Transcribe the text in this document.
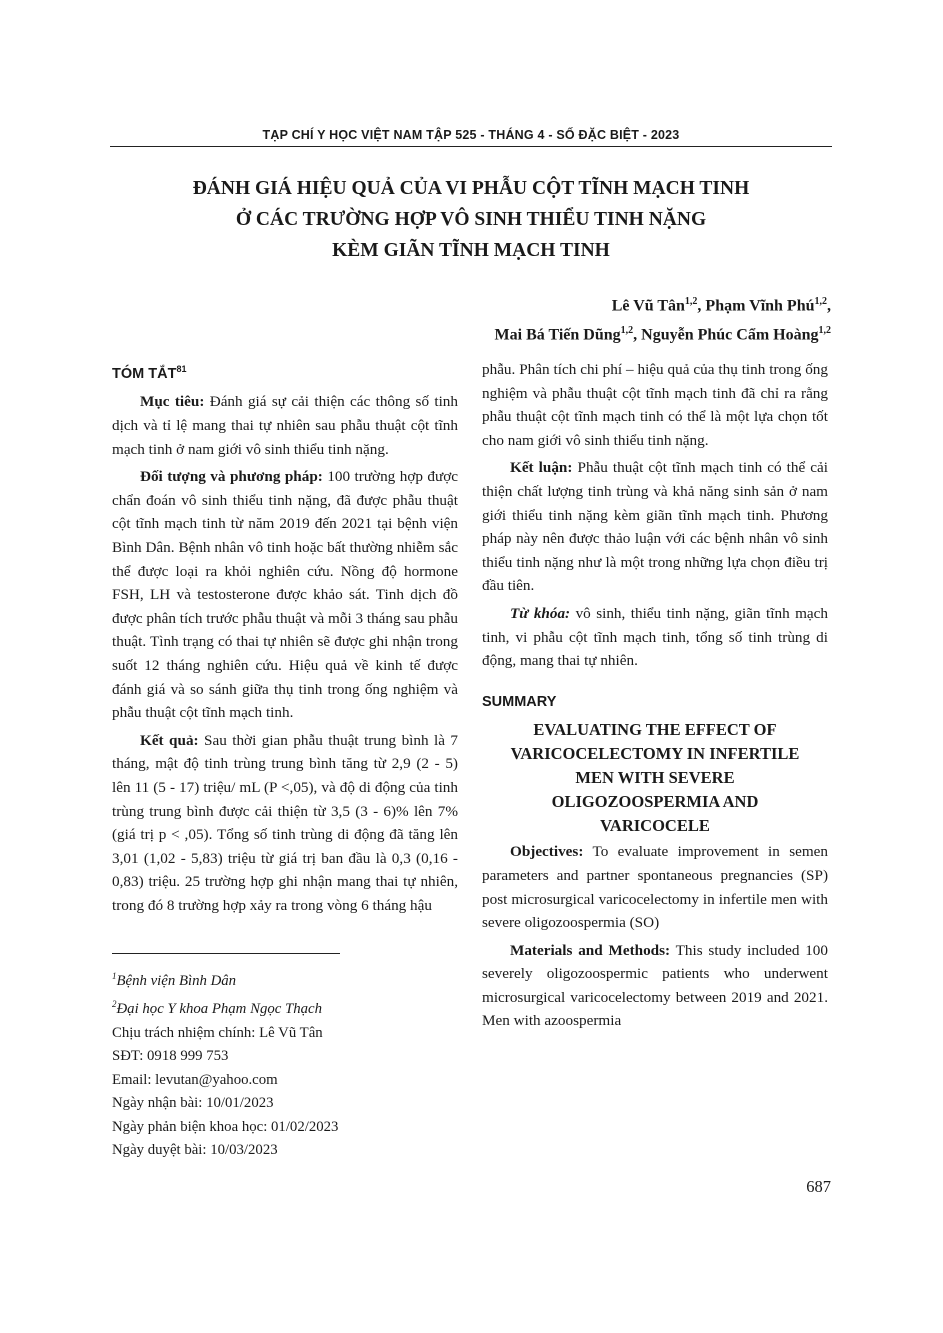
TẠP CHÍ Y HỌC VIỆT NAM TẬP 525 - THÁNG 4 - SỐ ĐẶC BIỆT - 2023
ĐÁNH GIÁ HIỆU QUẢ CỦA VI PHẪU CỘT TĨNH MẠCH TINH
Ở CÁC TRƯỜNG HỢP VÔ SINH THIỂU TINH NẶNG
KÈM GIÃN TĨNH MẠCH TINH
Lê Vũ Tân$^{1,2}$, Phạm Vĩnh Phú$^{1,2}$,
Mai Bá Tiến Dũng$^{1,2}$, Nguyễn Phúc Cẩm Hoàng$^{1,2}$
TÓM TẮT$^{81}$

Mục tiêu: Đánh giá sự cải thiện các thông số tinh dịch và tỉ lệ mang thai tự nhiên sau phẫu thuật cột tĩnh mạch tinh ở nam giới vô sinh thiểu tinh nặng.

Đối tượng và phương pháp: 100 trường hợp được chẩn đoán vô sinh thiểu tinh nặng, đã được phẫu thuật cột tĩnh mạch tinh từ năm 2019 đến 2021 tại bệnh viện Bình Dân. Bệnh nhân vô tinh hoặc bất thường nhiễm sắc thể được loại ra khỏi nghiên cứu. Nồng độ hormone FSH, LH và testosterone được khảo sát. Tinh dịch đồ được phân tích trước phẫu thuật và mỗi 3 tháng sau phẫu thuật. Tình trạng có thai tự nhiên sẽ được ghi nhận trong suốt 12 tháng nghiên cứu. Hiệu quả về kinh tế được đánh giá và so sánh giữa thụ tinh trong ống nghiệm và phẫu thuật cột tĩnh mạch tinh.

Kết quả: Sau thời gian phẫu thuật trung bình là 7 tháng, mật độ tinh trùng trung bình tăng từ 2,9 (2 - 5) lên 11 (5 - 17) triệu/ mL (P <,05), và độ di động của tinh trùng trung bình được cải thiện từ 3,5 (3 - 6)% lên 7% (giá trị p < ,05). Tổng số tinh trùng di động đã tăng lên 3,01 (1,02 - 5,83) triệu từ giá trị ban đầu là 0,3 (0,16 - 0,83) triệu. 25 trường hợp ghi nhận mang thai tự nhiên, trong đó 8 trường hợp xảy ra trong vòng 6 tháng hậu

phẫu. Phân tích chi phí – hiệu quả của thụ tinh trong ống nghiệm và phẫu thuật cột tĩnh mạch tinh đã chỉ ra rằng phẫu thuật cột tĩnh mạch tinh có thể là một lựa chọn tốt cho nam giới vô sinh thiểu tinh nặng.

Kết luận: Phẫu thuật cột tĩnh mạch tinh có thể cải thiện chất lượng tinh trùng và khả năng sinh sản ở nam giới thiểu tinh nặng kèm giãn tĩnh mạch tinh. Phương pháp này nên được thảo luận với các bệnh nhân vô sinh thiểu tinh nặng như là một trong những lựa chọn điều trị đầu tiên.

Từ khóa: vô sinh, thiểu tinh nặng, giãn tĩnh mạch tinh, vi phẫu cột tĩnh mạch tinh, tổng số tinh trùng di động, mang thai tự nhiên.

SUMMARY
EVALUATING THE EFFECT OF
VARICOCELECTOMY IN INFERTILE
MEN WITH SEVERE
OLIGOZOOSPERMIA AND
VARICOCELE

Objectives: To evaluate improvement in semen parameters and partner spontaneous pregnancies (SP) post microsurgical varicocelectomy in infertile men with severe oligozoospermia (SO)

Materials and Methods: This study included 100 severely oligozoospermic patients who underwent microsurgical varicocelectomy between 2019 and 2021. Men with azoospermia

$^1$Bệnh viện Bình Dân
$^2$Đại học Y khoa Phạm Ngọc Thạch
Chịu trách nhiệm chính: Lê Vũ Tân
SĐT: 0918 999 753
Email: levutan@yahoo.com
Ngày nhận bài: 10/01/2023
Ngày phản biện khoa học: 01/02/2023
Ngày duyệt bài: 10/03/2023
687
